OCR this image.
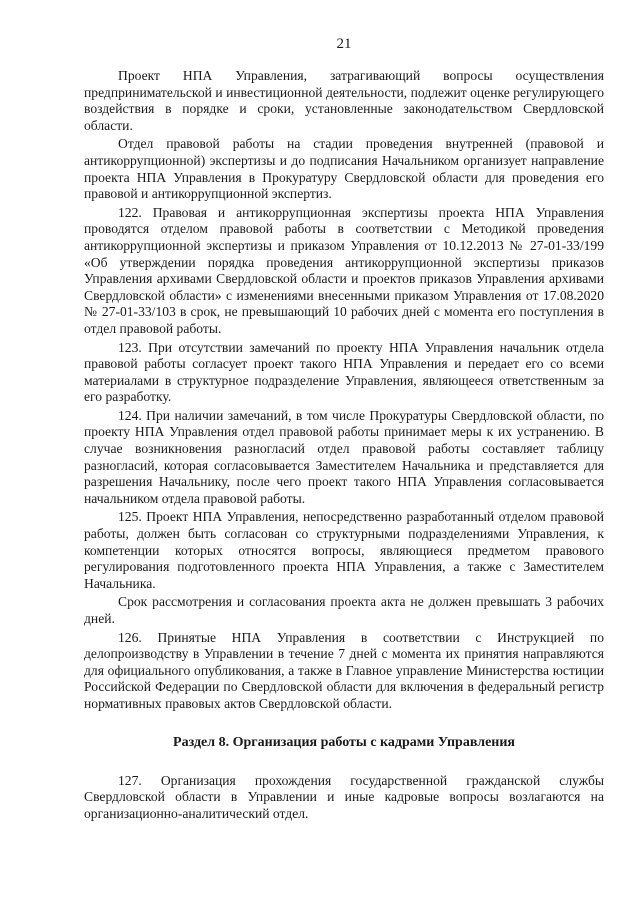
21

Проект НПА Управления, затрагивающий вопросы осуществления предпринимательской и инвестиционной деятельности, подлежит оценке регулирующего воздействия в порядке и сроки, установленные законодательством Свердловской области.

Отдел правовой работы на стадии проведения внутренней (правовой и антикоррупционной) экспертизы и до подписания Начальником организует направление проекта НПА Управления в Прокуратуру Свердловской области для проведения его правовой и антикоррупционной экспертиз.

122. Правовая и антикоррупционная экспертизы проекта НПА Управления проводятся отделом правовой работы в соответствии с Методикой проведения антикоррупционной экспертизы и приказом Управления от 10.12.2013 № 27-01-33/199 «Об утверждении порядка проведения антикоррупционной экспертизы приказов Управления архивами Свердловской области и проектов приказов Управления архивами Свердловской области» с изменениями внесенными приказом Управления от 17.08.2020 № 27-01-33/103 в срок, не превышающий 10 рабочих дней с момента его поступления в отдел правовой работы.

123. При отсутствии замечаний по проекту НПА Управления начальник отдела правовой работы согласует проект такого НПА Управления и передает его со всеми материалами в структурное подразделение Управления, являющееся ответственным за его разработку.

124. При наличии замечаний, в том числе Прокуратуры Свердловской области, по проекту НПА Управления отдел правовой работы принимает меры к их устранению. В случае возникновения разногласий отдел правовой работы составляет таблицу разногласий, которая согласовывается Заместителем Начальника и представляется для разрешения Начальнику, после чего проект такого НПА Управления согласовывается начальником отдела правовой работы.

125. Проект НПА Управления, непосредственно разработанный отделом правовой работы, должен быть согласован со структурными подразделениями Управления, к компетенции которых относятся вопросы, являющиеся предметом правового регулирования подготовленного проекта НПА Управления, а также с Заместителем Начальника.

Срок рассмотрения и согласования проекта акта не должен превышать 3 рабочих дней.

126. Принятые НПА Управления в соответствии с Инструкцией по делопроизводству в Управлении в течение 7 дней с момента их принятия направляются для официального опубликования, а также в Главное управление Министерства юстиции Российской Федерации по Свердловской области для включения в федеральный регистр нормативных правовых актов Свердловской области.

Раздел 8. Организация работы с кадрами Управления

127. Организация прохождения государственной гражданской службы Свердловской области в Управлении и иные кадровые вопросы возлагаются на организационно-аналитический отдел.
